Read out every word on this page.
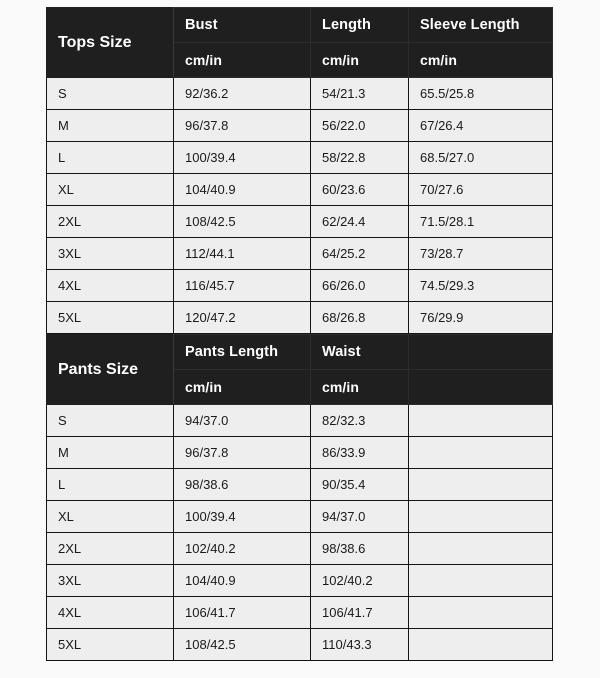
Tops Size	Bust	Length	Sleeve Length
	cm/in	cm/in	cm/in
S	92/36.2	54/21.3	65.5/25.8
M	96/37.8	56/22.0	67/26.4
L	100/39.4	58/22.8	68.5/27.0
XL	104/40.9	60/23.6	70/27.6
2XL	108/42.5	62/24.4	71.5/28.1
3XL	112/44.1	64/25.2	73/28.7
4XL	116/45.7	66/26.0	74.5/29.3
5XL	120/47.2	68/26.8	76/29.9
Pants Size	Pants Length	Waist	
	cm/in	cm/in	
S	94/37.0	82/32.3	
M	96/37.8	86/33.9	
L	98/38.6	90/35.4	
XL	100/39.4	94/37.0	
2XL	102/40.2	98/38.6	
3XL	104/40.9	102/40.2	
4XL	106/41.7	106/41.7	
5XL	108/42.5	110/43.3	
